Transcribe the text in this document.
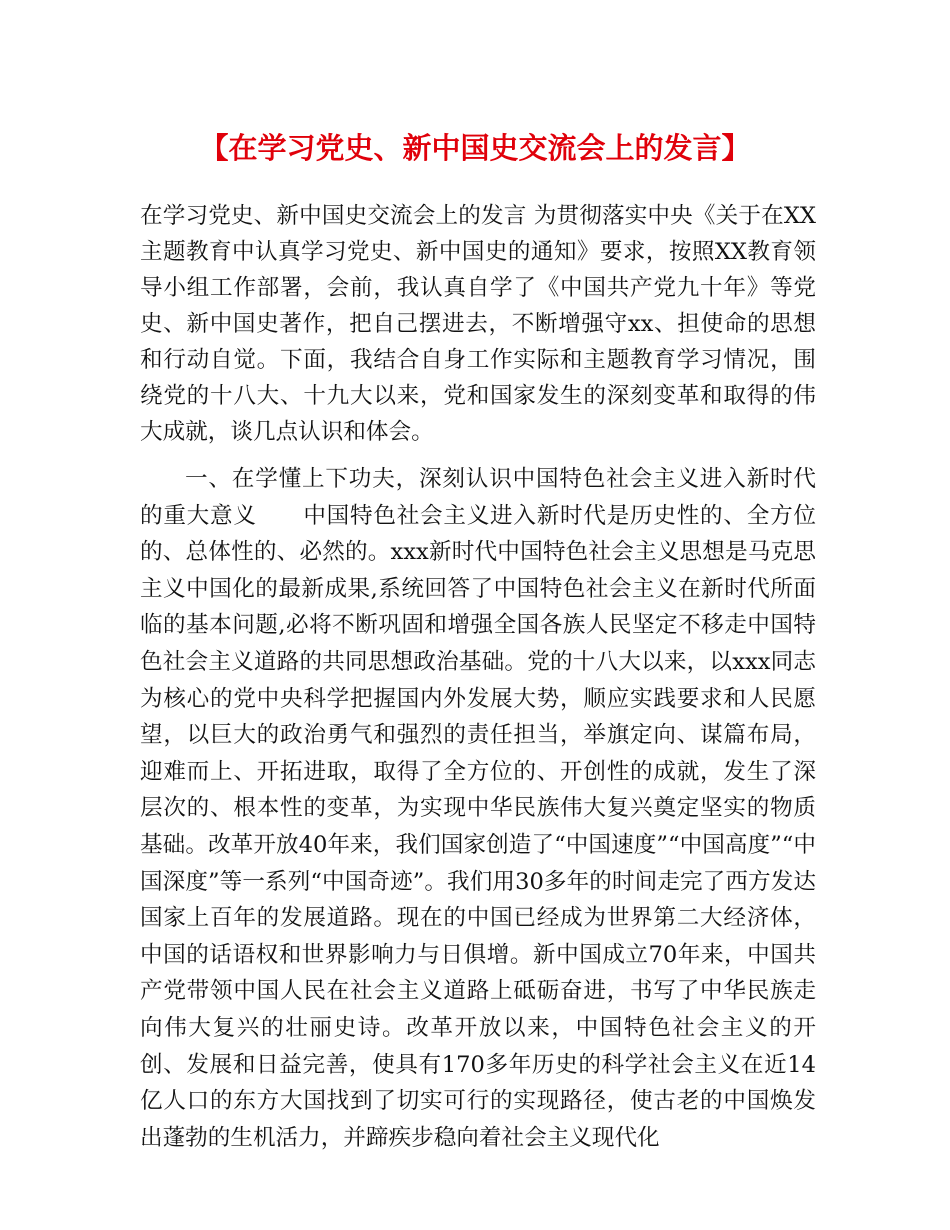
【在学习党史、新中国史交流会上的发言】

在学习党史、新中国史交流会上的发言 为贯彻落实中央《关于在XX主题教育中认真学习党史、新中国史的通知》要求，按照XX教育领导小组工作部署，会前，我认真自学了《中国共产党九十年》等党史、新中国史著作，把自己摆进去，不断增强守xx、担使命的思想和行动自觉。下面，我结合自身工作实际和主题教育学习情况，围绕党的十八大、十九大以来，党和国家发生的深刻变革和取得的伟大成就，谈几点认识和体会。

一、在学懂上下功夫，深刻认识中国特色社会主义进入新时代的重大意义　　中国特色社会主义进入新时代是历史性的、全方位的、总体性的、必然的。xxx新时代中国特色社会主义思想是马克思主义中国化的最新成果,系统回答了中国特色社会主义在新时代所面临的基本问题,必将不断巩固和增强全国各族人民坚定不移走中国特色社会主义道路的共同思想政治基础。党的十八大以来，以xxx同志为核心的党中央科学把握国内外发展大势，顺应实践要求和人民愿望，以巨大的政治勇气和强烈的责任担当，举旗定向、谋篇布局，迎难而上、开拓进取，取得了全方位的、开创性的成就，发生了深层次的、根本性的变革，为实现中华民族伟大复兴奠定坚实的物质基础。改革开放40年来，我们国家创造了“中国速度”“中国高度”“中国深度”等一系列“中国奇迹”。我们用30多年的时间走完了西方发达国家上百年的发展道路。现在的中国已经成为世界第二大经济体，中国的话语权和世界影响力与日俱增。新中国成立70年来，中国共产党带领中国人民在社会主义道路上砥砺奋进，书写了中华民族走向伟大复兴的壮丽史诗。改革开放以来，中国特色社会主义的开创、发展和日益完善，使具有170多年历史的科学社会主义在近14亿人口的东方大国找到了切实可行的实现路径，使古老的中国焕发出蓬勃的生机活力，并蹄疾步稳向着社会主义现代化
